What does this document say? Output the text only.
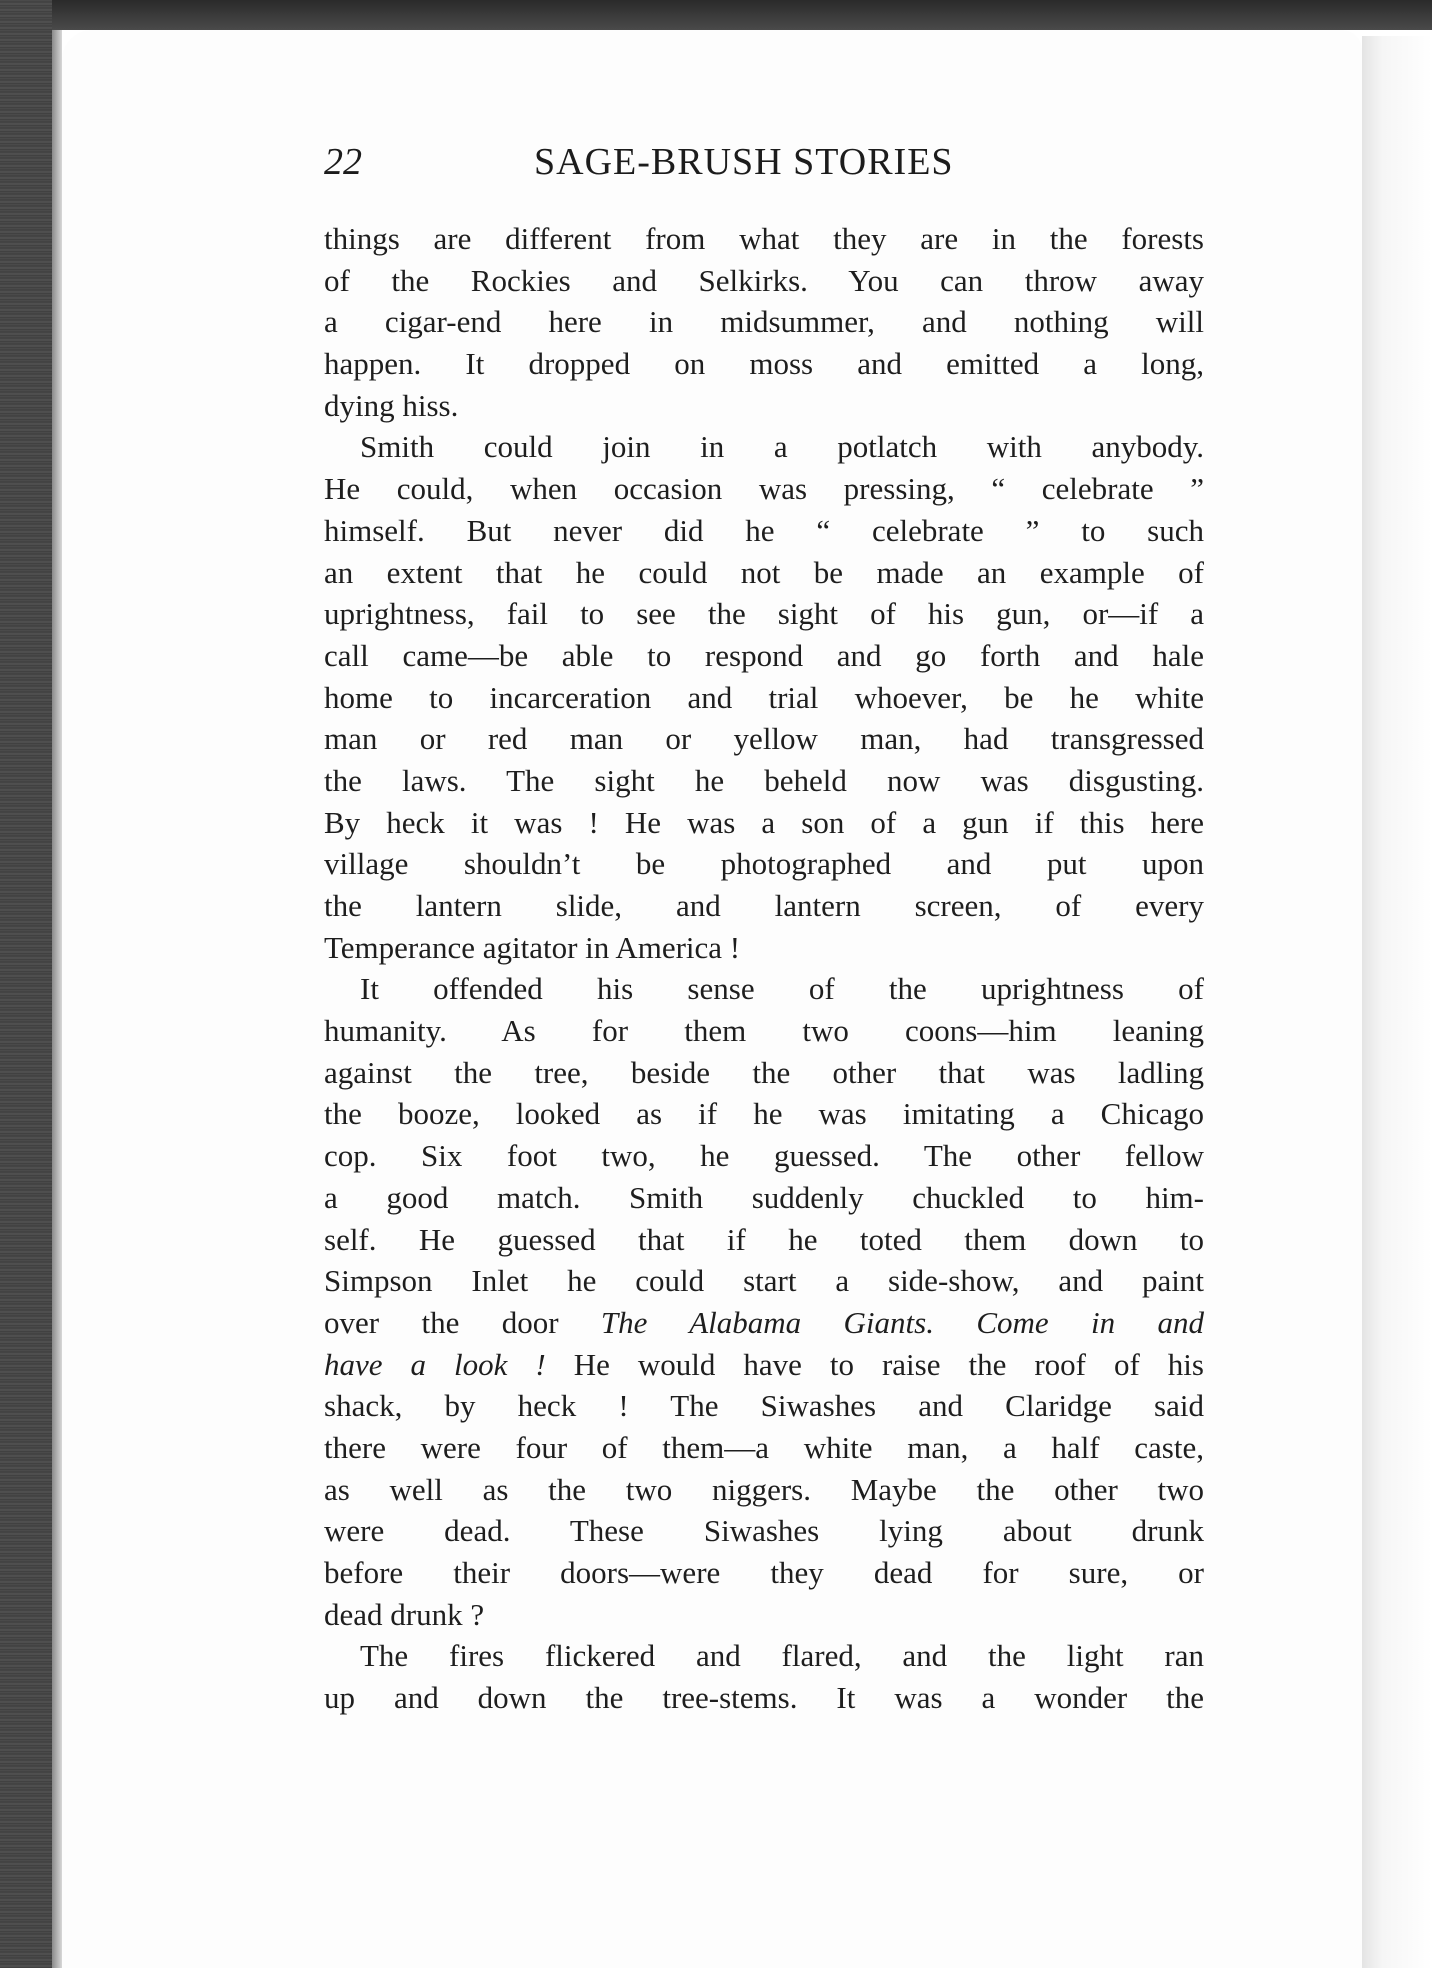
22	SAGE-BRUSH STORIES
things are different from what they are in the forests
of the Rockies and Selkirks. You can throw away
a cigar-end here in midsummer, and nothing will
happen. It dropped on moss and emitted a long,
dying hiss.
Smith could join in a potlatch with anybody.
He could, when occasion was pressing, “ celebrate ”
himself. But never did he “ celebrate ” to such
an extent that he could not be made an example of
uprightness, fail to see the sight of his gun, or—if a
call came—be able to respond and go forth and hale
home to incarceration and trial whoever, be he white
man or red man or yellow man, had transgressed
the laws. The sight he beheld now was disgusting.
By heck it was ! He was a son of a gun if this here
village shouldn’t be photographed and put upon
the lantern slide, and lantern screen, of every
Temperance agitator in America !
It offended his sense of the uprightness of
humanity. As for them two coons—him leaning
against the tree, beside the other that was ladling
the booze, looked as if he was imitating a Chicago
cop. Six foot two, he guessed. The other fellow
a good match. Smith suddenly chuckled to him-
self. He guessed that if he toted them down to
Simpson Inlet he could start a side-show, and paint
over the door The Alabama Giants. Come in and
have a look ! He would have to raise the roof of his
shack, by heck ! The Siwashes and Claridge said
there were four of them—a white man, a half caste,
as well as the two niggers. Maybe the other two
were dead. These Siwashes lying about drunk
before their doors—were they dead for sure, or
dead drunk ?
The fires flickered and flared, and the light ran
up and down the tree-stems. It was a wonder the
